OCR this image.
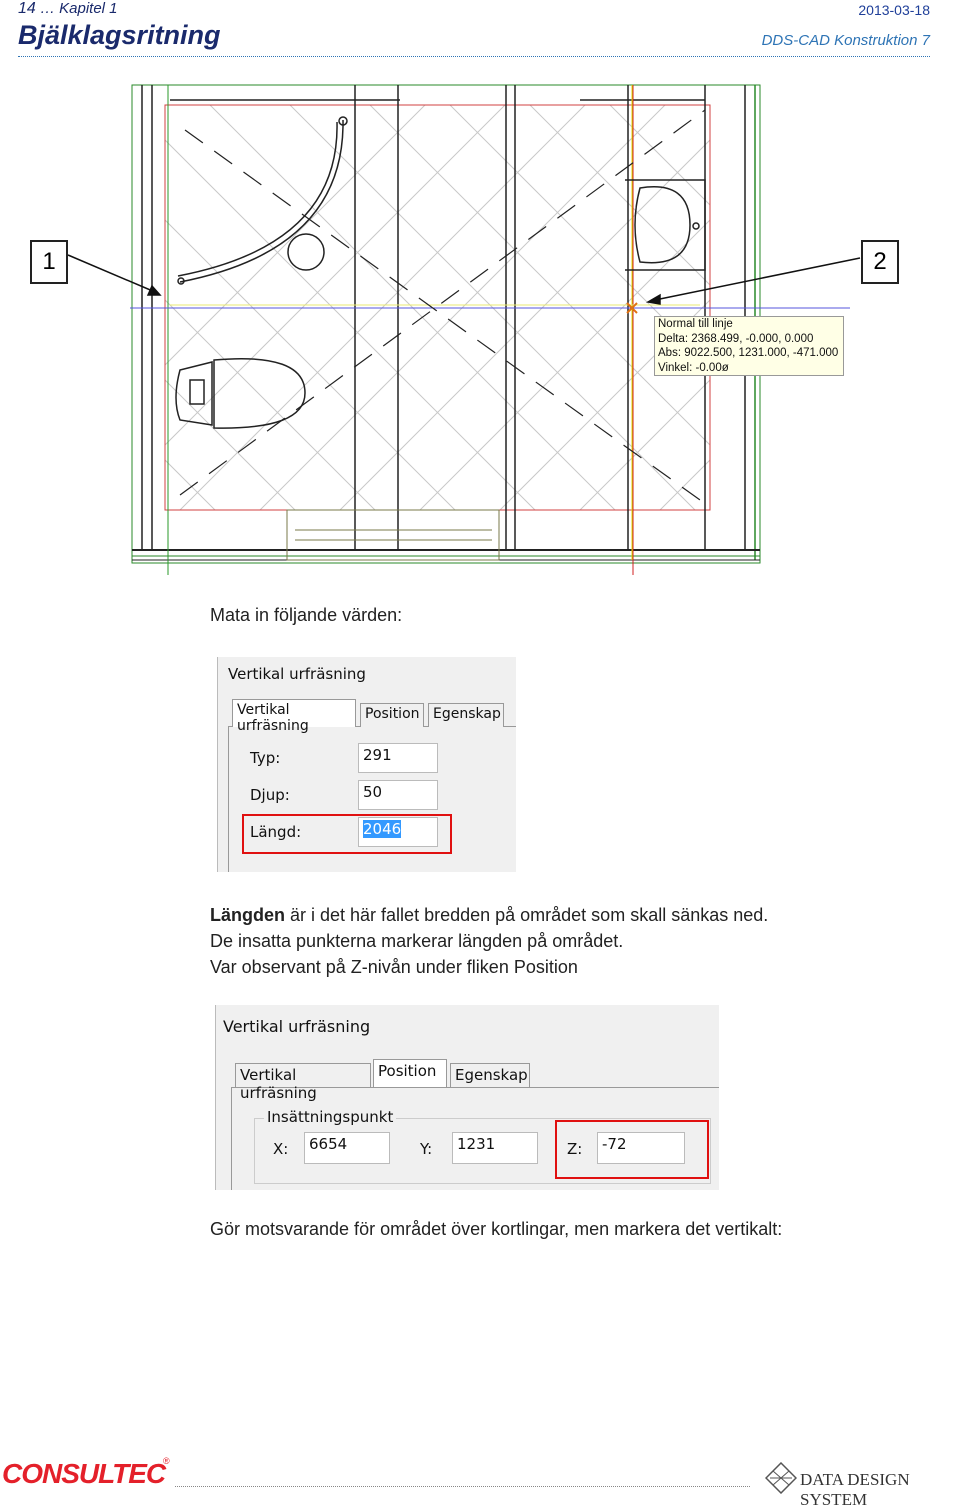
14 … Kapitel 1	2013-03-18
Bjälklagsritning	DDS-CAD Konstruktion 7
1	2
Normal till linje
Delta: 2368.499, -0.000, 0.000
Abs: 9022.500, 1231.000, -471.000
Vinkel: -0.00ø
Mata in följande värden:
Vertikal urfräsning
Vertikal urfräsning
Position Egenskap
Typ:	291
Djup:	50
Längd:	2046
Längden är i det här fallet bredden på området som skall sänkas ned.
De insatta punkterna markerar längden på området.
Var observant på Z-nivån under fliken Position
Vertikal urfräsning
Vertikal urfräsning
Position	Egenskap
Insättningspunkt
X:	6654	Y:	1231	Z:	-72
Gör motsvarande för området över kortlingar, men markera det vertikalt:
CONSULTEC
®
DATA DESIGN SYSTEM
